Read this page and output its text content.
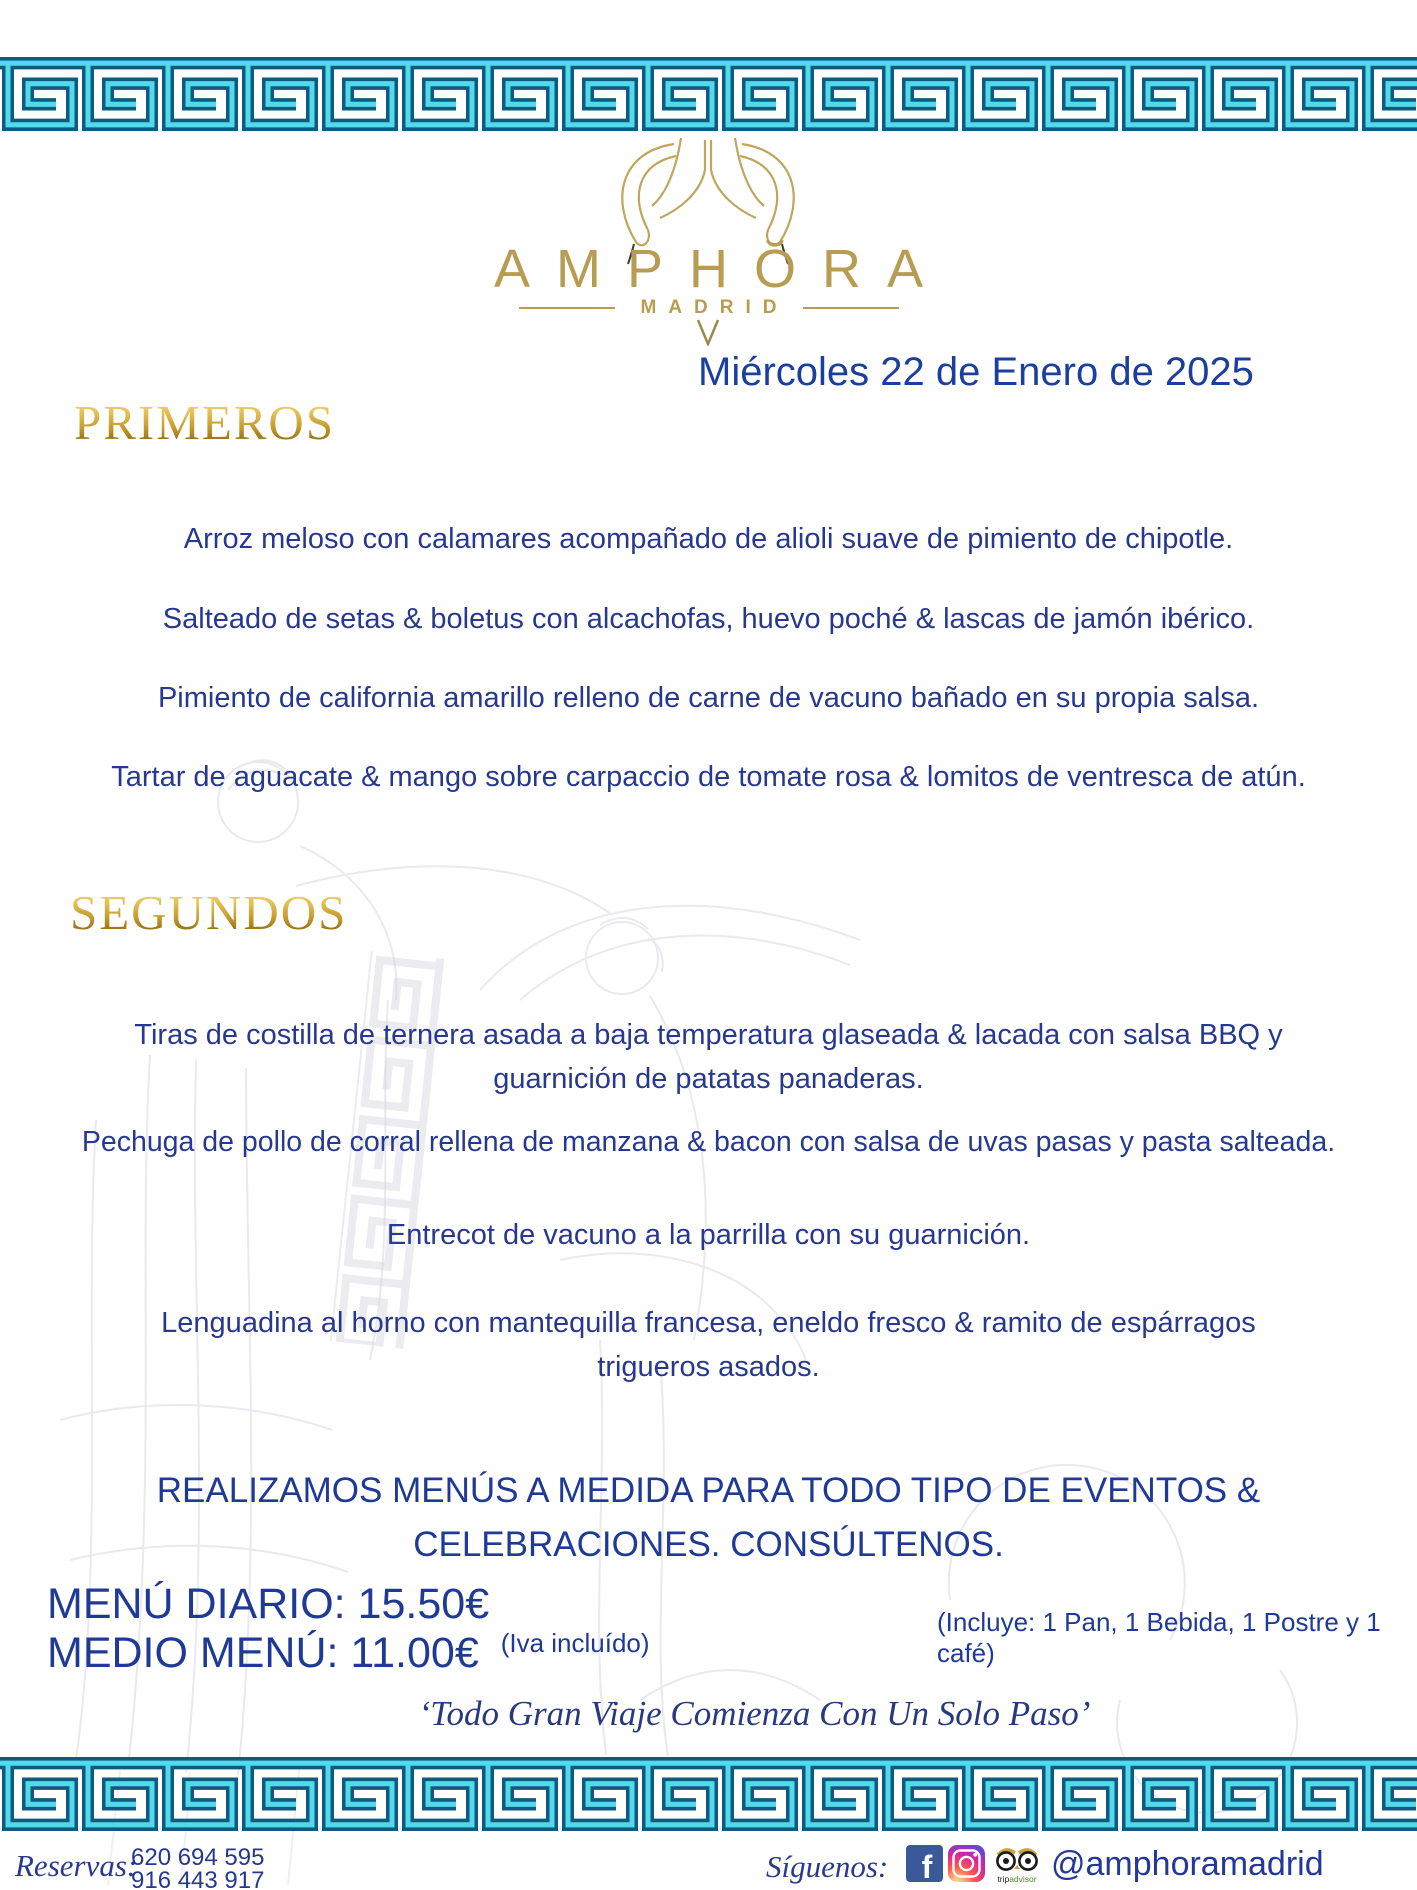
AMPHŎRA
MADRID
Miércoles 22 de Enero de 2025
PRIMEROS

Arroz meloso con calamares acompañado de alioli suave de pimiento de chipotle.

Salteado de setas & boletus con alcachofas, huevo poché & lascas de jamón ibérico.

Pimiento de california amarillo relleno de carne de vacuno bañado en su propia salsa.

Tartar de aguacate & mango sobre carpaccio de tomate rosa & lomitos de ventresca de atún.

SEGUNDOS

Tiras de costilla de ternera asada a baja temperatura glaseada & lacada con salsa BBQ y guarnición de patatas panaderas.

Pechuga de pollo de corral rellena de manzana & bacon con salsa de uvas pasas y pasta salteada.

Entrecot de vacuno a la parrilla con su guarnición.

Lenguadina al horno con mantequilla francesa, eneldo fresco & ramito de espárragos trigueros asados.

REALIZAMOS MENÚS A MEDIDA PARA TODO TIPO DE EVENTOS & CELEBRACIONES. CONSÚLTENOS.
MENÚ DIARIO: 15.50€
MEDIO MENÚ: 11.00€ $^{(Iva incluído)}$
(Incluye: 1 Pan, 1 Bebida, 1 Postre y 1 café)
‘Todo Gran Viaje Comienza Con Un Solo Paso’
Reservas:
620 694 595
916 443 917	Síguenos: f	tripadvisor @amphoramadrid
